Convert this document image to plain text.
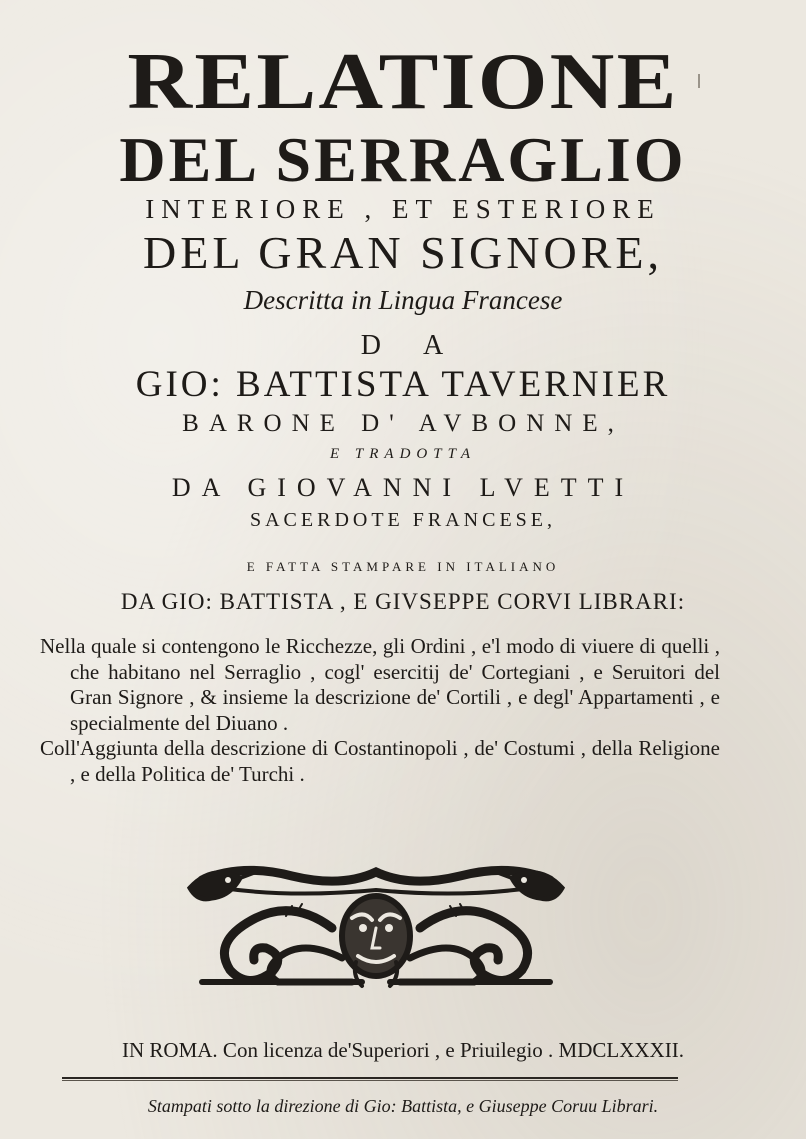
RELATIONE
DEL SERRAGLIO
INTERIORE , ET ESTERIORE
DEL GRAN SIGNORE,
Descritta in Lingua Francese
DA
GIO: BATTISTA TAVERNIER
BARONE D' AVBONNE,
E TRADOTTA
DA GIOVANNI LVETTI
SACERDOTE FRANCESE,
E FATTA STAMPARE IN ITALIANO
DA GIO: BATTISTA , E GIVSEPPE CORVI LIBRARI:

Nella quale si contengono le Ricchezze, gli Ordini , e'l modo di viuere di quelli , che habitano nel Serraglio , cogl' esercitij de' Cortegiani , e Seruitori del Gran Signore , & insieme la descrizione de' Cortili , e degl' Appartamenti , e specialmente del Diuano .

Coll'Aggiunta della descrizione di Costantinopoli , de' Costumi , della Religione , e della Politica de' Turchi .

IN ROMA. Con licenza de'Superiori , e Priuilegio . MDCLXXXII.
Stampati sotto la direzione di Gio: Battista, e Giuseppe Coruu Librari.
